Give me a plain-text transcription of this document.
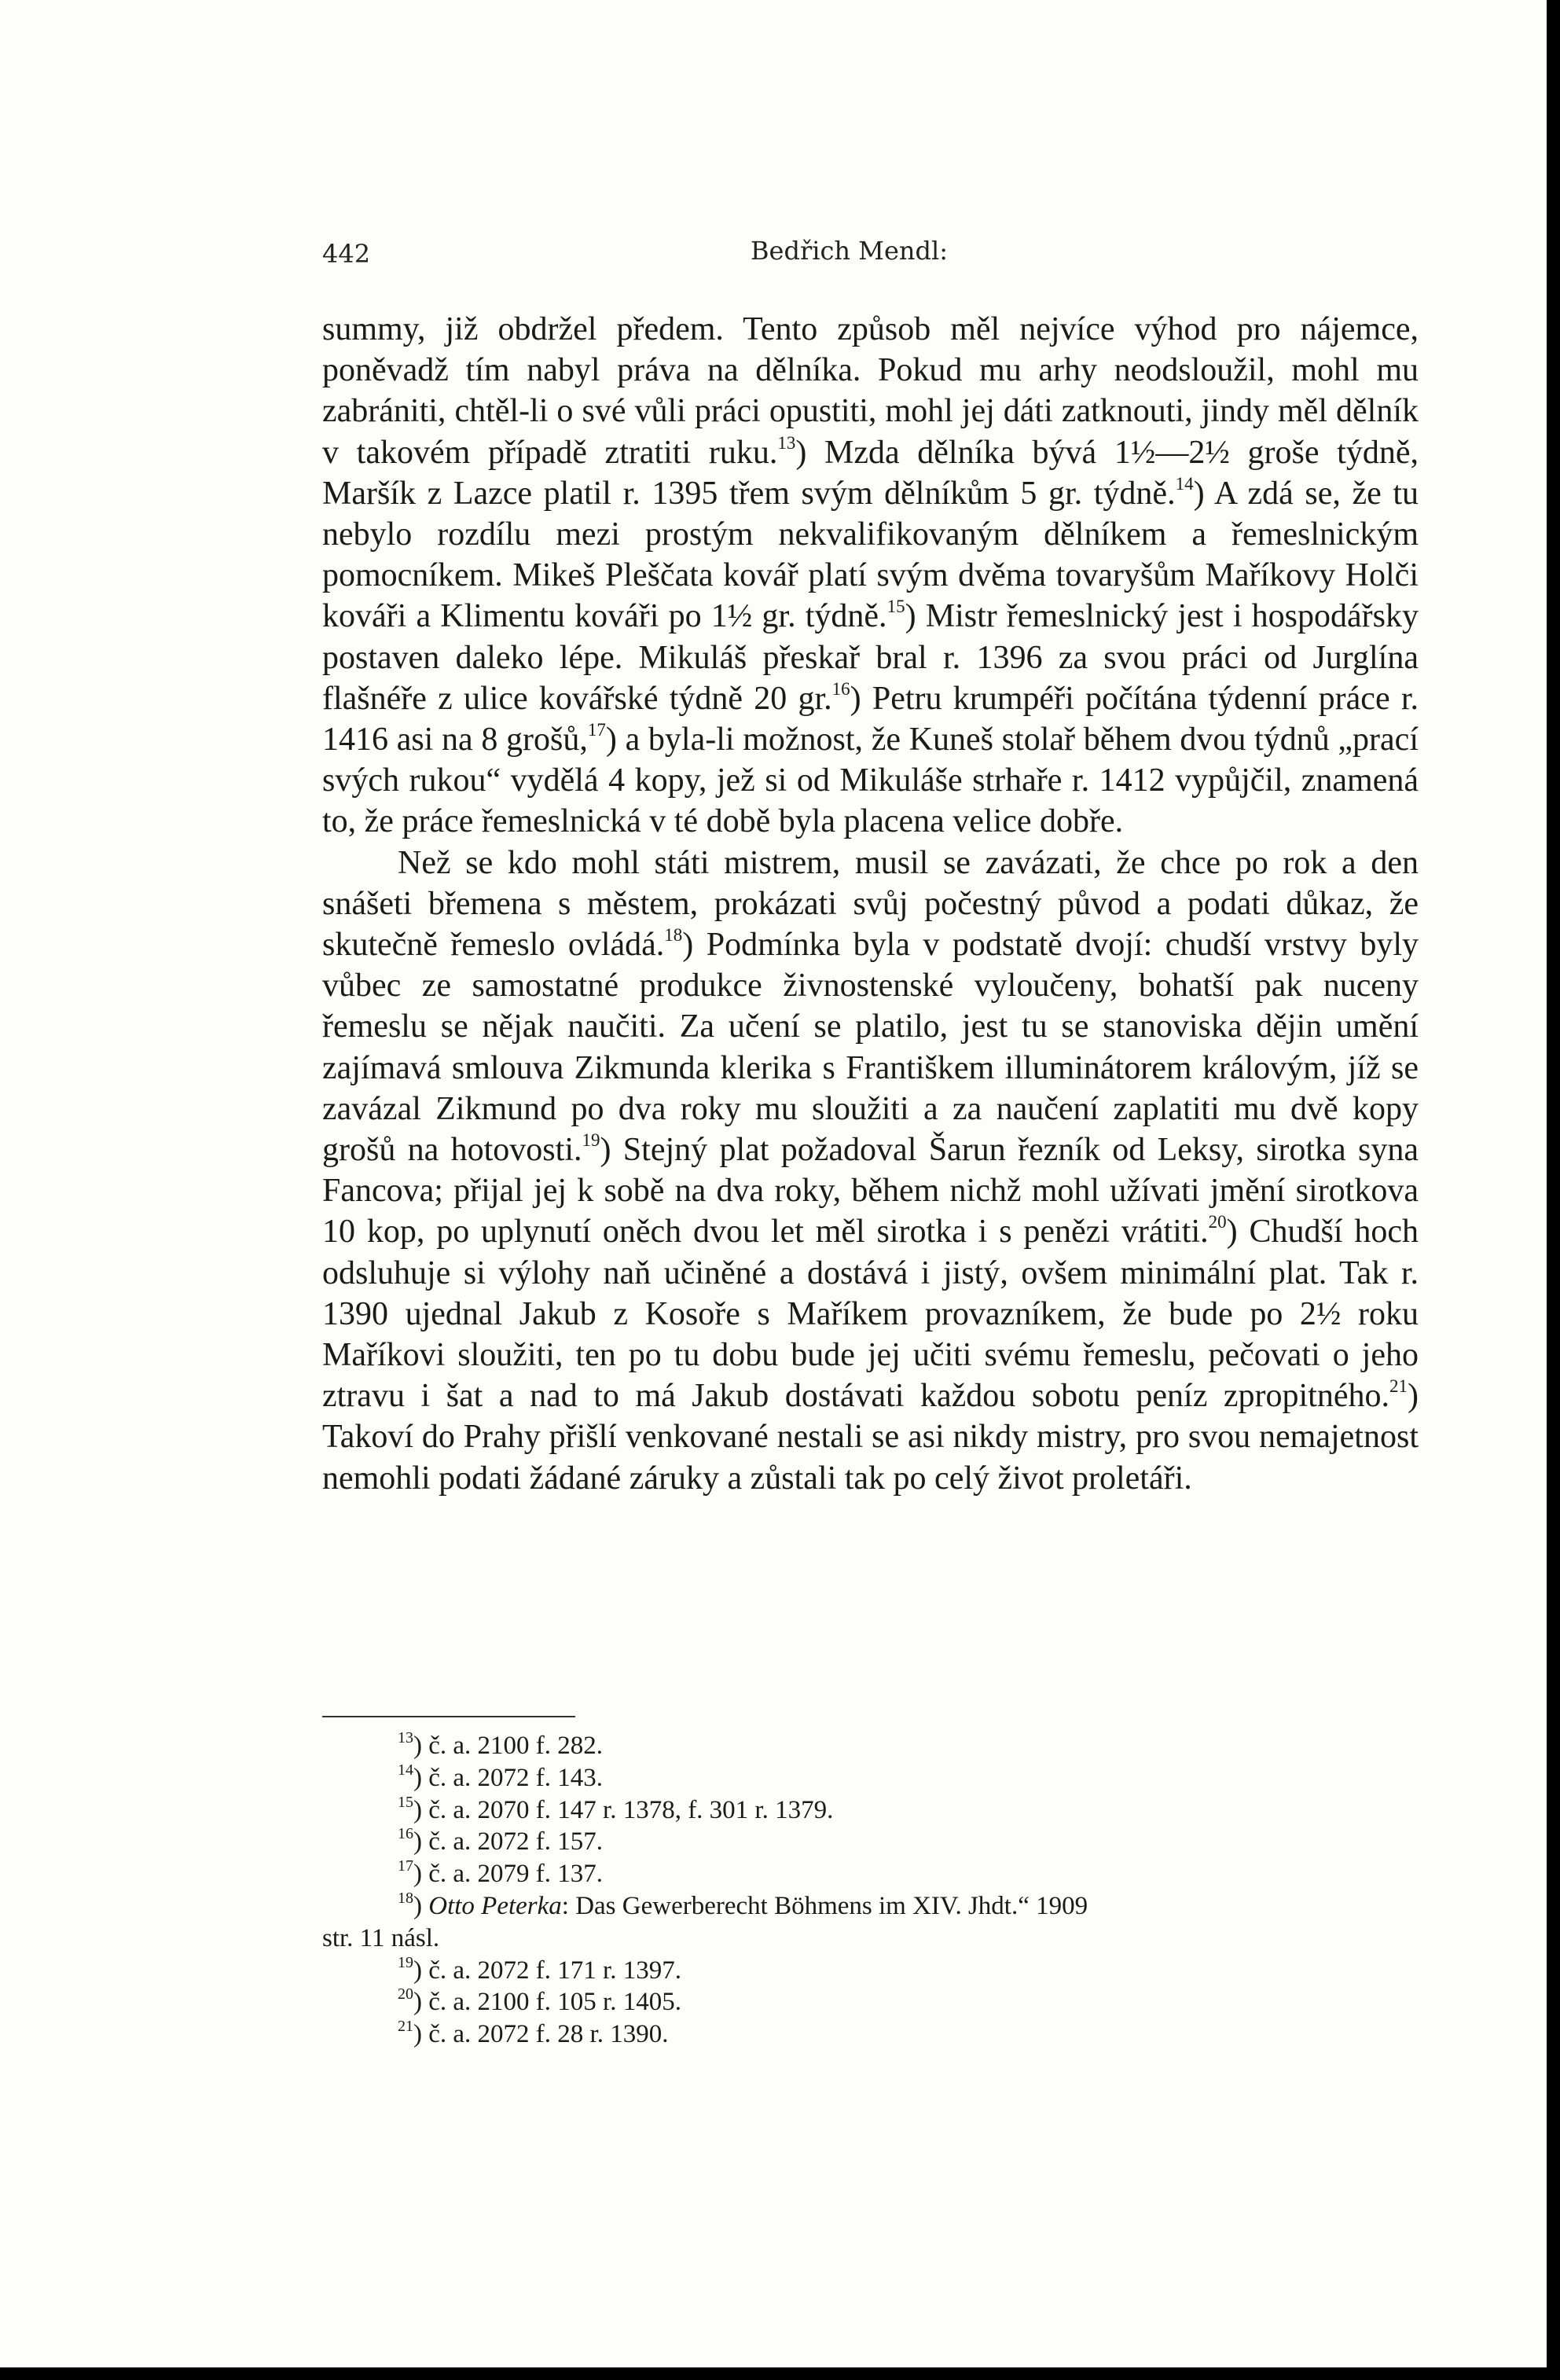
442	Bedřich Mendl:

summy, již obdržel předem. Tento způsob měl nejvíce výhod pro nájemce, poněvadž tím nabyl práva na dělníka. Pokud mu arhy neodsloužil, mohl mu zabrániti, chtěl-li o své vůli práci opustiti, mohl jej dáti zatknouti, jindy měl dělník v takovém případě ztratiti ruku.$^{13}$) Mzda dělníka bývá 1½—2½ groše týdně, Maršík z Lazce platil r. 1395 třem svým dělníkům 5 gr. týdně.$^{14}$) A zdá se, že tu nebylo rozdílu mezi prostým nekvalifikovaným dělníkem a řemeslnickým pomocníkem. Mikeš Pleščata kovář platí svým dvěma tovaryšům Maříkovy Holči kováři a Klimentu kováři po 1½ gr. týdně.$^{15}$) Mistr řemeslnický jest i hospodářsky postaven daleko lépe. Mikuláš přeskař bral r. 1396 za svou práci od Jurglína flašnéře z ulice kovářské týdně 20 gr.$^{16}$) Petru krumpéři počítána týdenní práce r. 1416 asi na 8 grošů,$^{17}$) a byla-li možnost, že Kuneš stolař během dvou týdnů „prací svých rukou“ vydělá 4 kopy, jež si od Mikuláše strhaře r. 1412 vypůjčil, znamená to, že práce řemeslnická v té době byla placena velice dobře.

Než se kdo mohl státi mistrem, musil se zavázati, že chce po rok a den snášeti břemena s městem, prokázati svůj počestný původ a podati důkaz, že skutečně řemeslo ovládá.$^{18}$) Podmínka byla v podstatě dvojí: chudší vrstvy byly vůbec ze samostatné produkce živnostenské vyloučeny, bohatší pak nuceny řemeslu se nějak naučiti. Za učení se platilo, jest tu se stanoviska dějin umění zajímavá smlouva Zikmunda klerika s Františkem illuminátorem královým, jíž se zavázal Zikmund po dva roky mu sloužiti a za naučení zaplatiti mu dvě kopy grošů na hotovosti.$^{19}$) Stejný plat požadoval Šarun řezník od Leksy, sirotka syna Fancova; přijal jej k sobě na dva roky, během nichž mohl užívati jmění sirotkova 10 kop, po uplynutí oněch dvou let měl sirotka i s penězi vrátiti.$^{20}$) Chudší hoch odsluhuje si výlohy naň učiněné a dostává i jistý, ovšem minimální plat. Tak r. 1390 ujednal Jakub z Kosoře s Maříkem provazníkem, že bude po 2½ roku Maříkovi sloužiti, ten po tu dobu bude jej učiti svému řemeslu, pečovati o jeho ztravu i šat a nad to má Jakub dostávati každou sobotu peníz zpropitného.$^{21}$) Takoví do Prahy přišlí venkované nestali se asi nikdy mistry, pro svou nemajetnost nemohli podati žádané záruky a zůstali tak po celý život proletáři.

$^{13}$) č. a. 2100 f. 282.

$^{14}$) č. a. 2072 f. 143.

$^{15}$) č. a. 2070 f. 147 r. 1378, f. 301 r. 1379.

$^{16}$) č. a. 2072 f. 157.

$^{17}$) č. a. 2079 f. 137.

$^{18}$) Otto Peterka: Das Gewerberecht Böhmens im XIV. Jhdt.“ 1909
str. 11 násl.

$^{19}$) č. a. 2072 f. 171 r. 1397.

$^{20}$) č. a. 2100 f. 105 r. 1405.

$^{21}$) č. a. 2072 f. 28 r. 1390.
